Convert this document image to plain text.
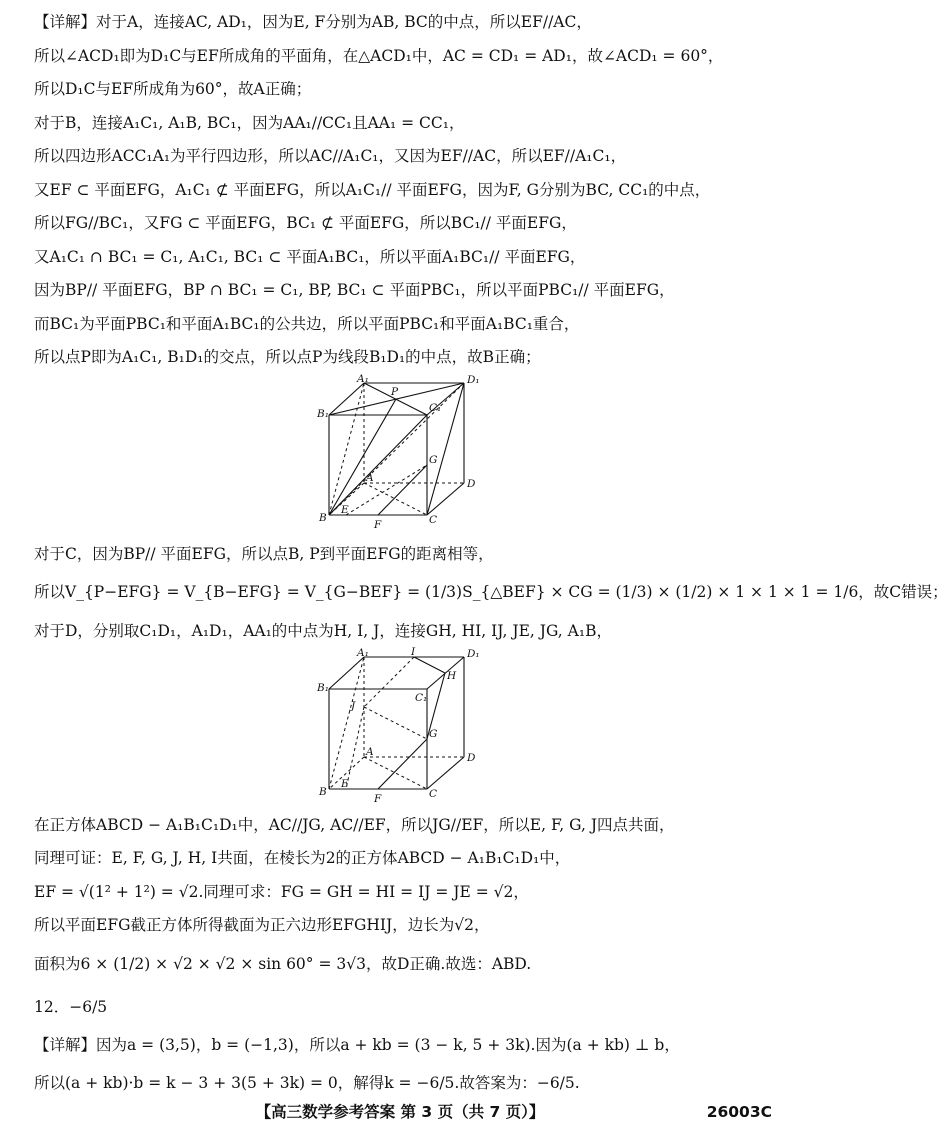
【详解】对于A，连接AC, AD₁，因为E, F分别为AB, BC的中点，所以EF//AC，
所以∠ACD₁即为D₁C与EF所成角的平面角，在△ACD₁中，AC = CD₁ = AD₁，故∠ACD₁ = 60°，
所以D₁C与EF所成角为60°，故A正确；
对于B，连接A₁C₁, A₁B, BC₁，因为AA₁//CC₁且AA₁ = CC₁，
所以四边形ACC₁A₁为平行四边形，所以AC//A₁C₁，又因为EF//AC，所以EF//A₁C₁，
又EF ⊂ 平面EFG，A₁C₁ ⊄ 平面EFG，所以A₁C₁// 平面EFG，因为F, G分别为BC, CC₁的中点，
所以FG//BC₁，又FG ⊂ 平面EFG，BC₁ ⊄ 平面EFG，所以BC₁// 平面EFG，
又A₁C₁ ∩ BC₁ = C₁, A₁C₁, BC₁ ⊂ 平面A₁BC₁，所以平面A₁BC₁// 平面EFG，
因为BP// 平面EFG，BP ∩ BC₁ = C₁, BP, BC₁ ⊂ 平面PBC₁，所以平面PBC₁// 平面EFG，
而BC₁为平面PBC₁和平面A₁BC₁的公共边，所以平面PBC₁和平面A₁BC₁重合，
所以点P即为A₁C₁, B₁D₁的交点，所以点P为线段B₁D₁的中点，故B正确；
A₁
P
D₁
C₁
B₁
G
A	D
B
E
C
F
对于C，因为BP// 平面EFG，所以点B, P到平面EFG的距离相等，
所以V_{P−EFG} = V_{B−EFG} = V_{G−BEF} = (1/3)S_{△BEF} × CG = (1/3) × (1/2) × 1 × 1 × 1 = 1/6，故C错误；
对于D，分别取C₁D₁，A₁D₁，AA₁的中点为H, I, J，连接GH, HI, IJ, JE, JG, A₁B，
A₁	I	D₁
H
C₁
B₁
J
G
A	D
B
E
C
F
在正方体ABCD − A₁B₁C₁D₁中，AC//JG, AC//EF，所以JG//EF，所以E, F, G, J四点共面，
同理可证：E, F, G, J, H, I共面，在棱长为2的正方体ABCD − A₁B₁C₁D₁中，
EF = √(1² + 1²) = √2.同理可求：FG = GH = HI = IJ = JE = √2，
所以平面EFG截正方体所得截面为正六边形EFGHIJ，边长为√2，
面积为6 × (1/2) × √2 × √2 × sin 60° = 3√3，故D正确.故选：ABD.
12．−6/5
【详解】因为a = (3,5)，b = (−1,3)，所以a + kb = (3 − k, 5 + 3k).因为(a + kb) ⊥ b，
所以(a + kb)·b = k − 3 + 3(5 + 3k) = 0，解得k = −6/5.故答案为：−6/5.
【高三数学参考答案 第 3 页（共 7 页）】	26003C
